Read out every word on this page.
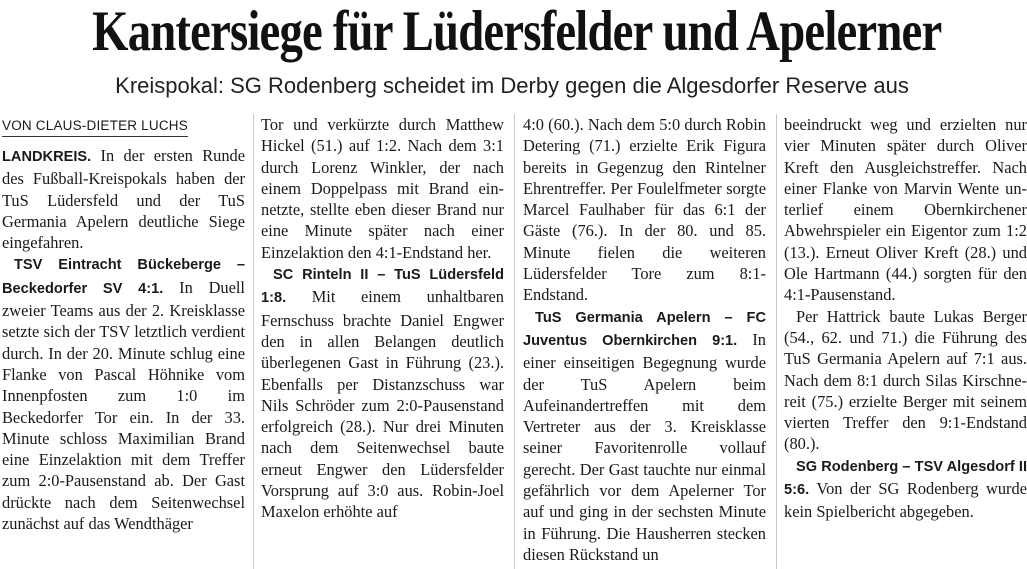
Kantersiege für Lüdersfelder und Apelerner
Kreispokal: SG Rodenberg scheidet im Derby gegen die Algesdorfer Reserve aus
VON CLAUS-DIETER LUCHS

LANDKREIS. In der ersten Runde des Fußball-Kreispokals haben der TuS Lüdersfeld und der TuS Germania Apelern deutliche Siege eingefahren.

TSV Eintracht Bückeberge – Beckedorfer SV 4:1. In Duell zweier Teams aus der 2. Kreisklasse setzte sich der TSV letztlich verdient durch. In der 20. Minute schlug eine Flanke von Pascal Höhnike vom Innenpfosten zum 1:0 im Beckedorfer Tor ein. In der 33. Minute schloss Maximilian Brand eine Einzelaktion mit dem Treffer zum 2:0-Pausenstand ab. Der Gast drückte nach dem Seitenwechsel zunächst auf das Wendthäger

Tor und verkürzte durch Matthew Hickel (51.) auf 1:2. Nach dem 3:1 durch Lorenz Winkler, der nach einem Doppelpass mit Brand einnetzte, stellte eben dieser Brand nur eine Minute später nach einer Einzelaktion den 4:1-Endstand her.

SC Rinteln II – TuS Lüdersfeld 1:8. Mit einem unhaltbaren Fernschuss brachte Daniel Engwer den in allen Belangen deutlich überlegenen Gast in Führung (23.). Ebenfalls per Distanzschuss war Nils Schröder zum 2:0-Pausenstand erfolgreich (28.). Nur drei Minuten nach dem Seitenwechsel baute erneut Engwer den Lüdersfelder Vorsprung auf 3:0 aus. Robin-Joel Maxelon erhöhte auf

4:0 (60.). Nach dem 5:0 durch Robin Detering (71.) erzielte Erik Figura bereits in Gegenzug den Rintelner Ehrentreffer. Per Foulelfmeter sorgte Marcel Faulhaber für das 6:1 der Gäste (76.). In der 80. und 85. Minute fielen die weiteren Lüdersfelder Tore zum 8:1-Endstand.

TuS Germania Apelern – FC Juventus Obernkirchen 9:1. In einer einseitigen Begegnung wurde der TuS Apelern beim Aufeinandertreffen mit dem Vertreter aus der 3. Kreisklasse seiner Favoritenrolle vollauf gerecht. Der Gast tauchte nur einmal gefährlich vor dem Apelerner Tor auf und ging in der sechsten Minute in Führung. Die Hausherren stecken diesen Rückstand un

beeindruckt weg und erzielten nur vier Minuten später durch Oliver Kreft den Ausgleichstreffer. Nach einer Flanke von Marvin Wente unterlief einem Obernkirchener Abwehrspieler ein Eigentor zum 1:2 (13.). Erneut Oliver Kreft (28.) und Ole Hartmann (44.) sorgten für den 4:1-Pausenstand.

Per Hattrick baute Lukas Berger (54., 62. und 71.) die Führung des TuS Germania Apelern auf 7:1 aus. Nach dem 8:1 durch Silas Kirschnereit (75.) erzielte Berger mit seinem vierten Treffer den 9:1-Endstand (80.).

SG Rodenberg – TSV Algesdorf II 5:6. Von der SG Rodenberg wurde kein Spielbericht abgegeben.
